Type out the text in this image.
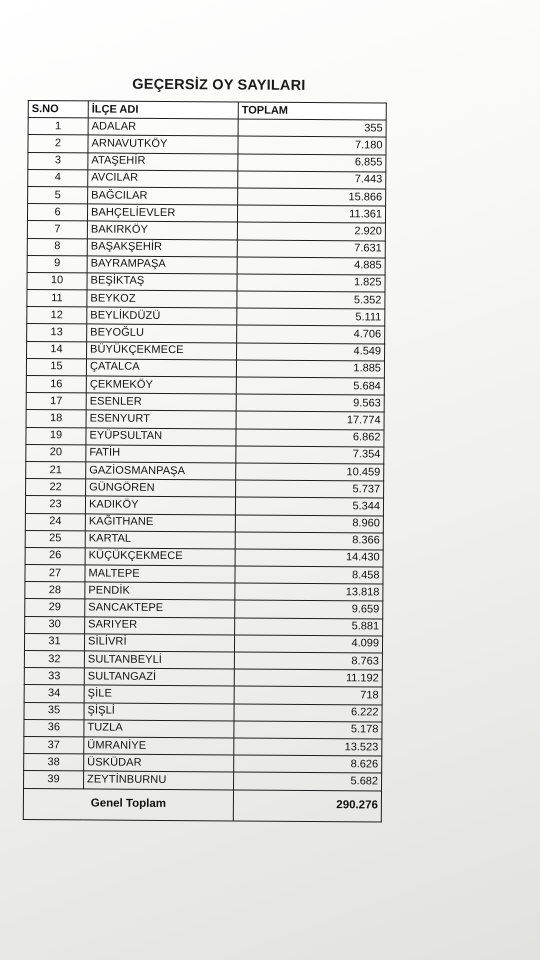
GEÇERSİZ OY SAYILARI
S.NO	İLÇE ADI	TOPLAM
1	ADALAR	355
2	ARNAVUTKÖY	7.180
3	ATAŞEHİR	6.855
4	AVCILAR	7.443
5	BAĞCILAR	15.866
6	BAHÇELİEVLER	11.361
7	BAKIRKÖY	2.920
8	BAŞAKŞEHİR	7.631
9	BAYRAMPAŞA	4.885
10	BEŞİKTAŞ	1.825
11	BEYKOZ	5.352
12	BEYLİKDÜZÜ	5.111
13	BEYOĞLU	4.706
14	BÜYÜKÇEKMECE	4.549
15	ÇATALCA	1.885
16	ÇEKMEKÖY	5.684
17	ESENLER	9.563
18	ESENYURT	17.774
19	EYÜPSULTAN	6.862
20	FATİH	7.354
21	GAZİOSMANPAŞA	10.459
22	GÜNGÖREN	5.737
23	KADIKÖY	5.344
24	KAĞITHANE	8.960
25	KARTAL	8.366
26	KÜÇÜKÇEKMECE	14.430
27	MALTEPE	8.458
28	PENDİK	13.818
29	SANCAKTEPE	9.659
30	SARIYER	5.881
31	SİLİVRİ	4.099
32	SULTANBEYLİ	8.763
33	SULTANGAZİ	11.192
34	ŞİLE	718
35	ŞİŞLİ	6.222
36	TUZLA	5.178
37	ÜMRANİYE	13.523
38	ÜSKÜDAR	8.626
39	ZEYTİNBURNU	5.682
Genel Toplam		290.276
